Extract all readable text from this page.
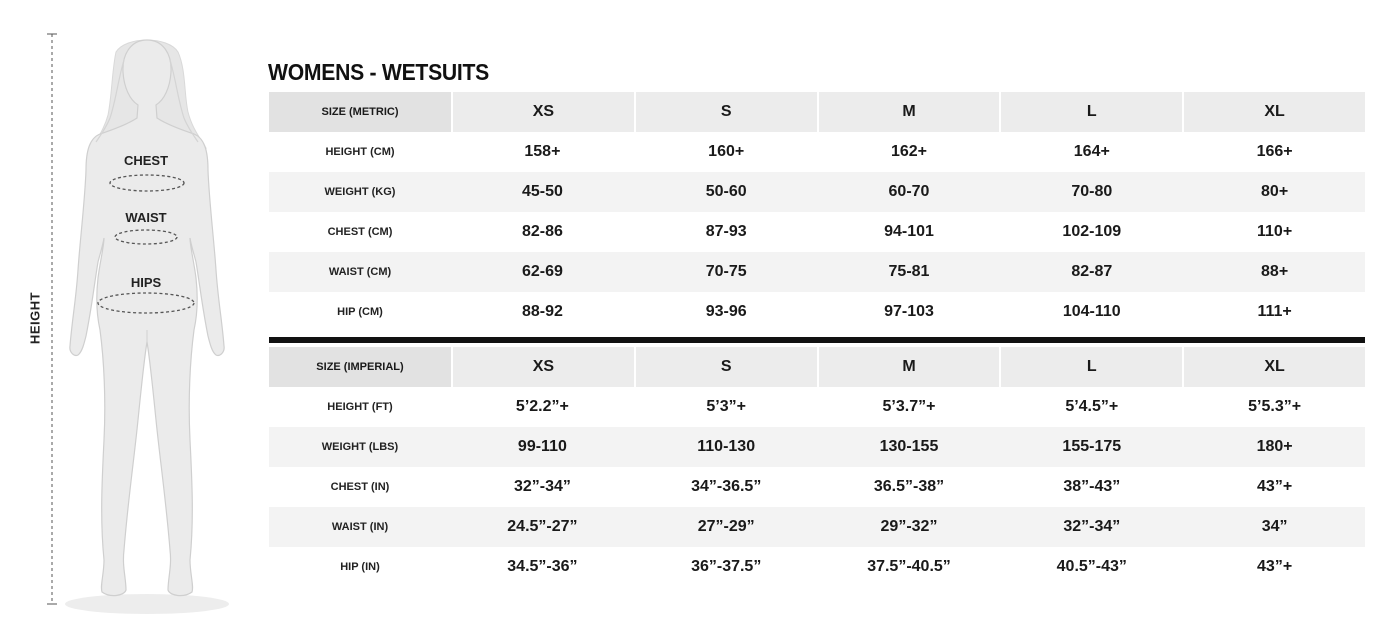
HEIGHT
CHEST
WAIST
HIPS
WOMENS - WETSUITS
SIZE (METRIC)	XS	S	M	L	XL
HEIGHT (CM)	158+	160+	162+	164+	166+
WEIGHT (KG)	45-50	50-60	60-70	70-80	80+
CHEST (CM)	82-86	87-93	94-101	102-109	110+
WAIST (CM)	62-69	70-75	75-81	82-87	88+
HIP (CM)	88-92	93-96	97-103	104-110	111+
SIZE (IMPERIAL)	XS	S	M	L	XL
HEIGHT (FT)	5’2.2”+	5’3”+	5’3.7”+	5’4.5”+	5’5.3”+
WEIGHT (LBS)	99-110	110-130	130-155	155-175	180+
CHEST (IN)	32”-34”	34”-36.5”	36.5”-38”	38”-43”	43”+
WAIST (IN)	24.5”-27”	27”-29”	29”-32”	32”-34”	34”
HIP (IN)	34.5”-36”	36”-37.5”	37.5”-40.5”	40.5”-43”	43”+
